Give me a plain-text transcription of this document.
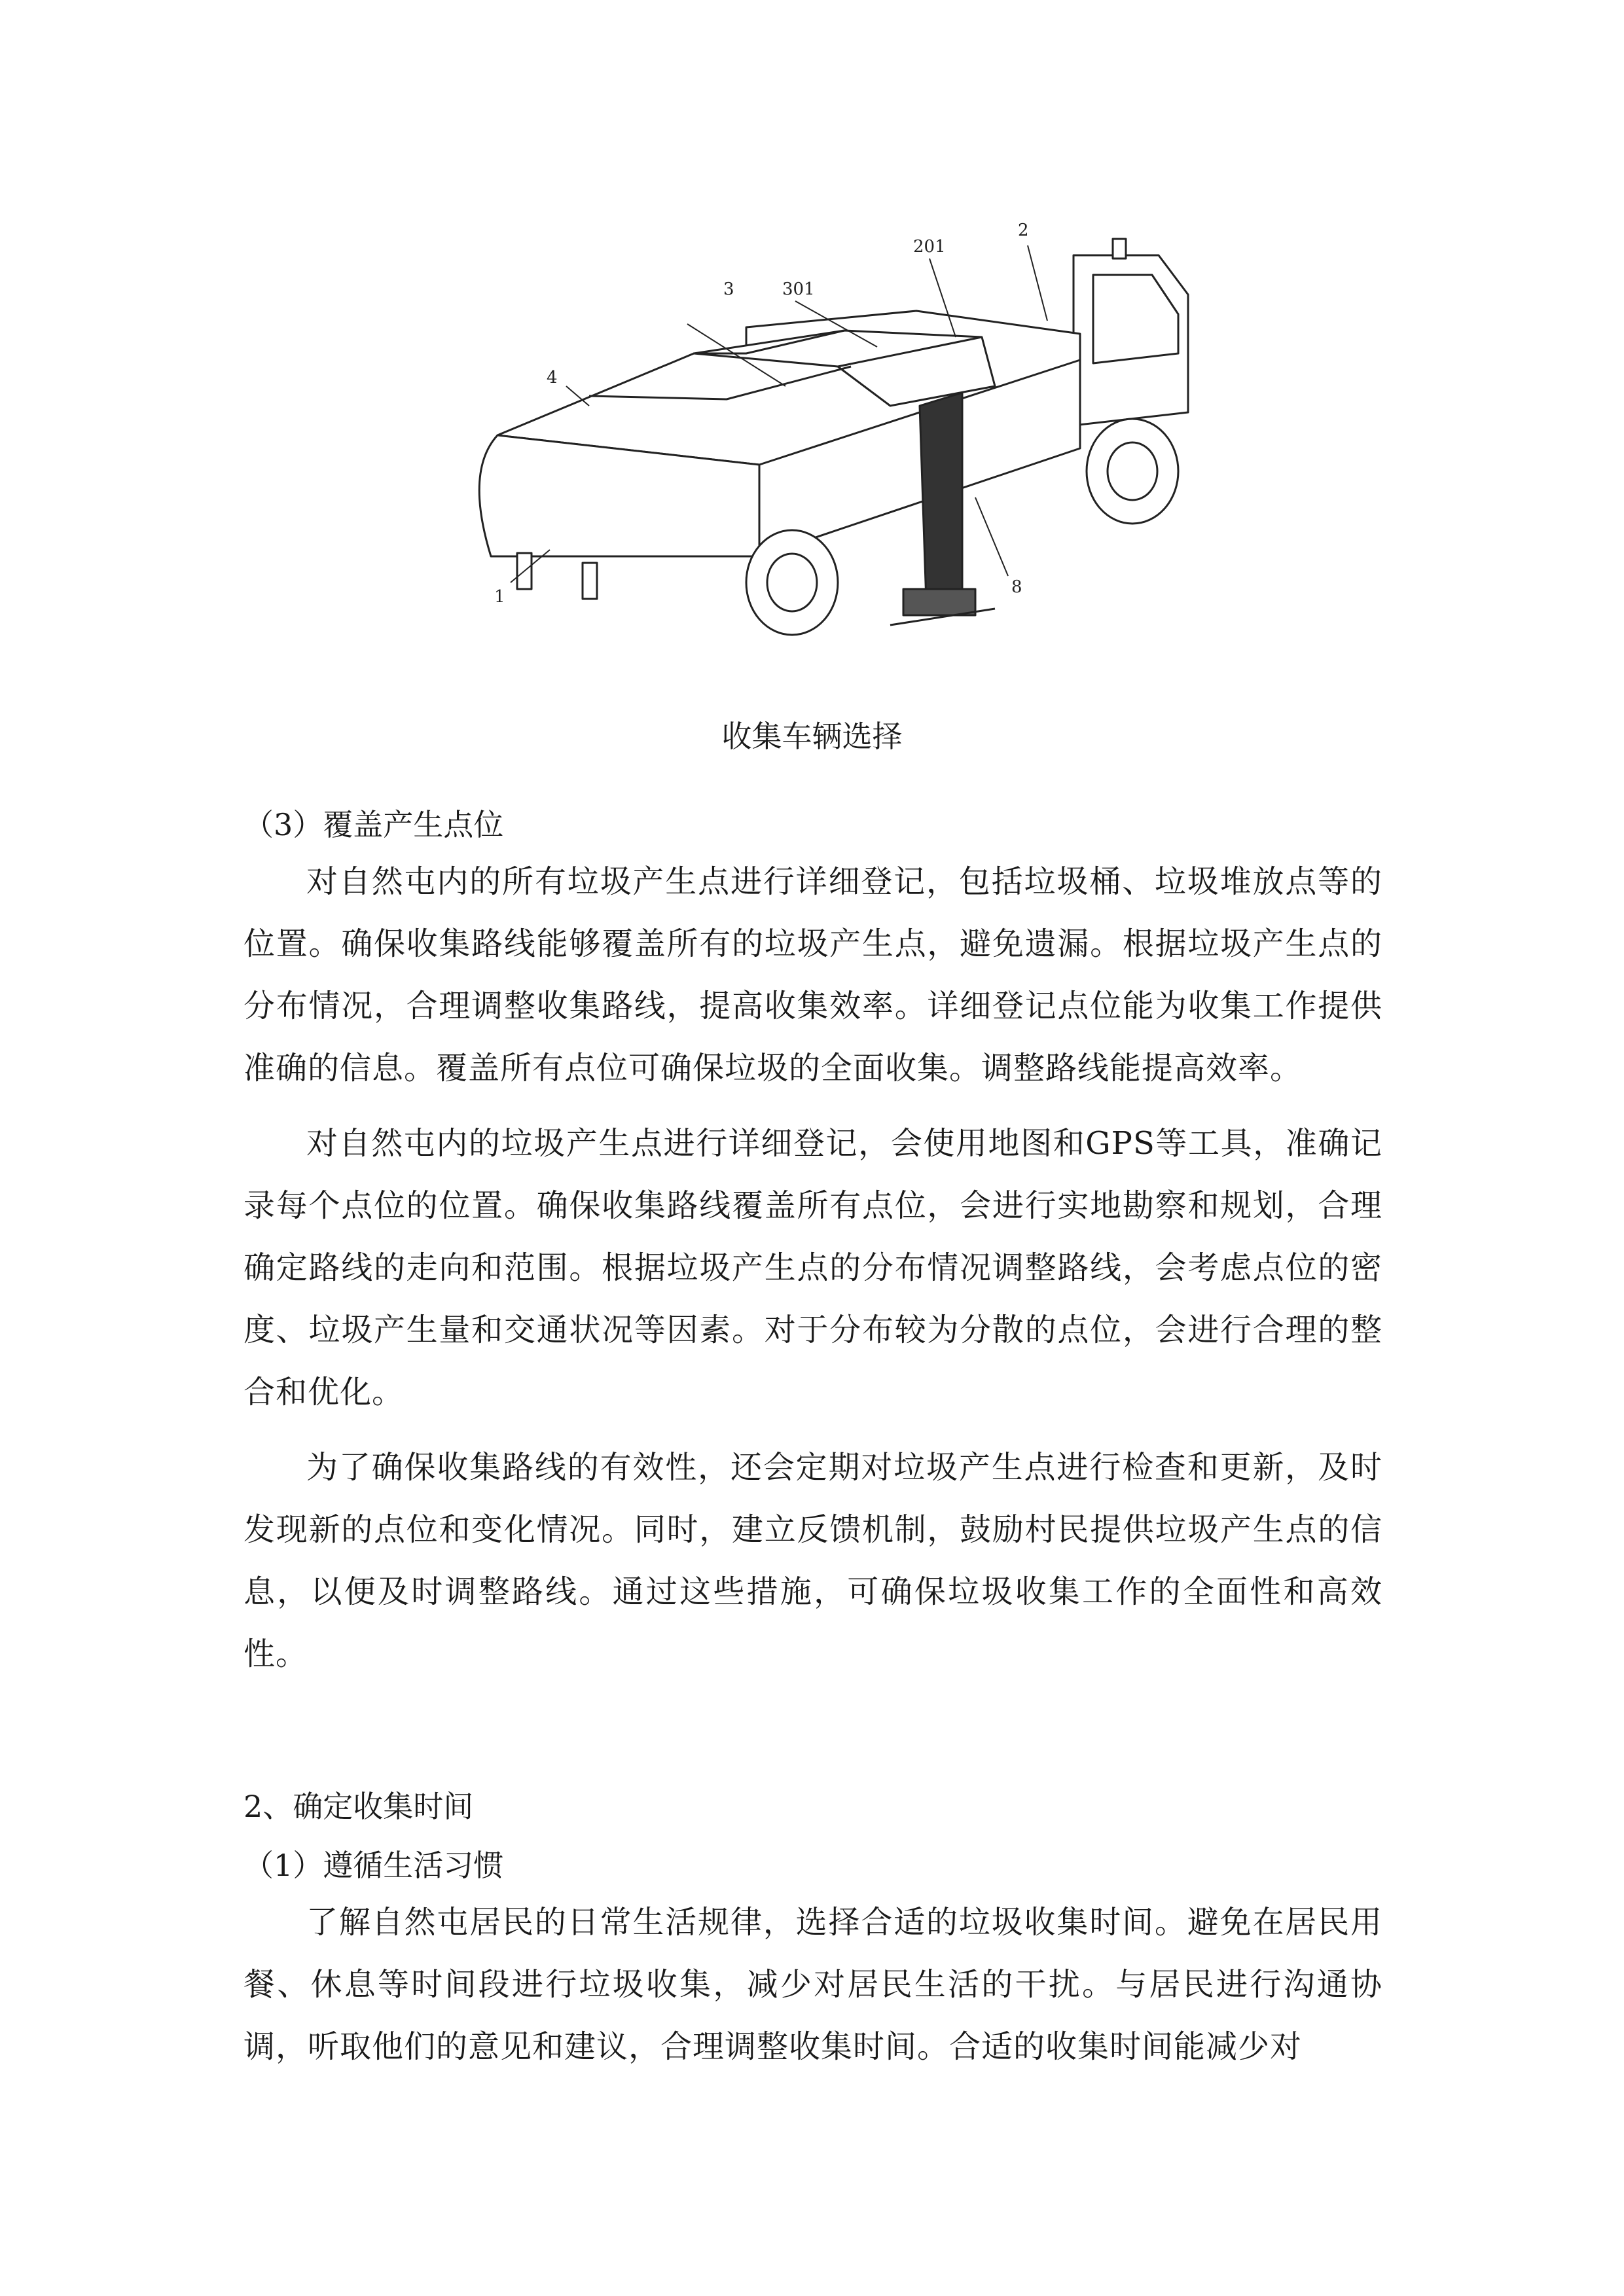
1
2
201
3	301
4
8
收集车辆选择
（3）覆盖产生点位

对自然屯内的所有垃圾产生点进行详细登记，包括垃圾桶、垃圾堆放点等的位置。确保收集路线能够覆盖所有的垃圾产生点，避免遗漏。根据垃圾产生点的分布情况，合理调整收集路线，提高收集效率。详细登记点位能为收集工作提供准确的信息。覆盖所有点位可确保垃圾的全面收集。调整路线能提高效率。

对自然屯内的垃圾产生点进行详细登记，会使用地图和GPS等工具，准确记录每个点位的位置。确保收集路线覆盖所有点位，会进行实地勘察和规划，合理确定路线的走向和范围。根据垃圾产生点的分布情况调整路线，会考虑点位的密度、垃圾产生量和交通状况等因素。对于分布较为分散的点位，会进行合理的整合和优化。

为了确保收集路线的有效性，还会定期对垃圾产生点进行检查和更新，及时发现新的点位和变化情况。同时，建立反馈机制，鼓励村民提供垃圾产生点的信息，以便及时调整路线。通过这些措施，可确保垃圾收集工作的全面性和高效性。

2、确定收集时间
（1）遵循生活习惯

了解自然屯居民的日常生活规律，选择合适的垃圾收集时间。避免在居民用餐、休息等时间段进行垃圾收集，减少对居民生活的干扰。与居民进行沟通协调，听取他们的意见和建议，合理调整收集时间。合适的收集时间能减少对
